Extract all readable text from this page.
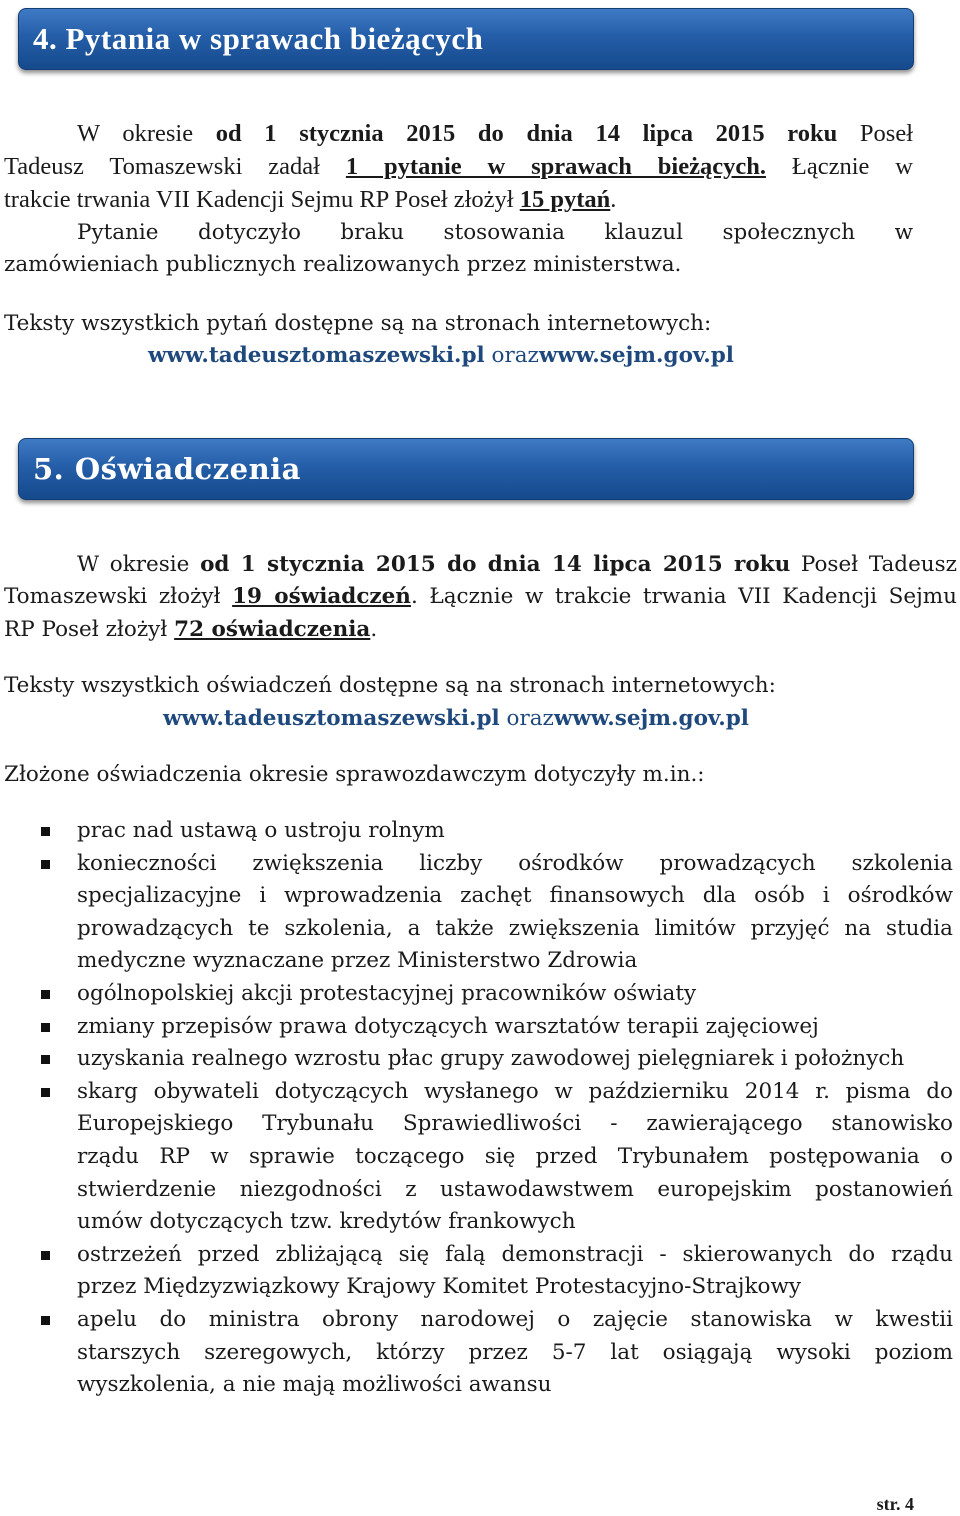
4. Pytania w sprawach bieżących
W okresie od 1 stycznia 2015 do dnia 14 lipca 2015 roku Poseł
Tadeusz Tomaszewski zadał 1 pytanie w sprawach bieżących. Łącznie w
trakcie trwania VII Kadencji Sejmu RP Poseł złożył 15 pytań.
Pytanie dotyczyło braku stosowania klauzul społecznych w
zamówieniach publicznych realizowanych przez ministerstwa.
Teksty wszystkich pytań dostępne są na stronach internetowych:
www.tadeusztomaszewski.pl orazwww.sejm.gov.pl
5. Oświadczenia
W okresie od 1 stycznia 2015 do dnia 14 lipca 2015 roku Poseł Tadeusz
Tomaszewski złożył 19 oświadczeń. Łącznie w trakcie trwania VII Kadencji Sejmu
RP Poseł złożył 72 oświadczenia.
Teksty wszystkich oświadczeń dostępne są na stronach internetowych:
www.tadeusztomaszewski.pl orazwww.sejm.gov.pl
Złożone oświadczenia okresie sprawozdawczym dotyczyły m.in.:
prac nad ustawą o ustroju rolnym
konieczności zwiększenia liczby ośrodków prowadzących szkolenia
specjalizacyjne i wprowadzenia zachęt finansowych dla osób i ośrodków
prowadzących te szkolenia, a także zwiększenia limitów przyjęć na studia
medyczne wyznaczane przez Ministerstwo Zdrowia
ogólnopolskiej akcji protestacyjnej pracowników oświaty
zmiany przepisów prawa dotyczących warsztatów terapii zajęciowej
uzyskania realnego wzrostu płac grupy zawodowej pielęgniarek i położnych
skarg obywateli dotyczących wysłanego w październiku 2014 r. pisma do
Europejskiego Trybunału Sprawiedliwości - zawierającego stanowisko
rządu RP w sprawie toczącego się przed Trybunałem postępowania o
stwierdzenie niezgodności z ustawodawstwem europejskim postanowień
umów dotyczących tzw. kredytów frankowych
ostrzeżeń przed zbliżającą się falą demonstracji - skierowanych do rządu
przez Międzyzwiązkowy Krajowy Komitet Protestacyjno-Strajkowy
apelu do ministra obrony narodowej o zajęcie stanowiska w kwestii
starszych szeregowych, którzy przez 5-7 lat osiągają wysoki poziom
wyszkolenia, a nie mają możliwości awansu
str. 4
